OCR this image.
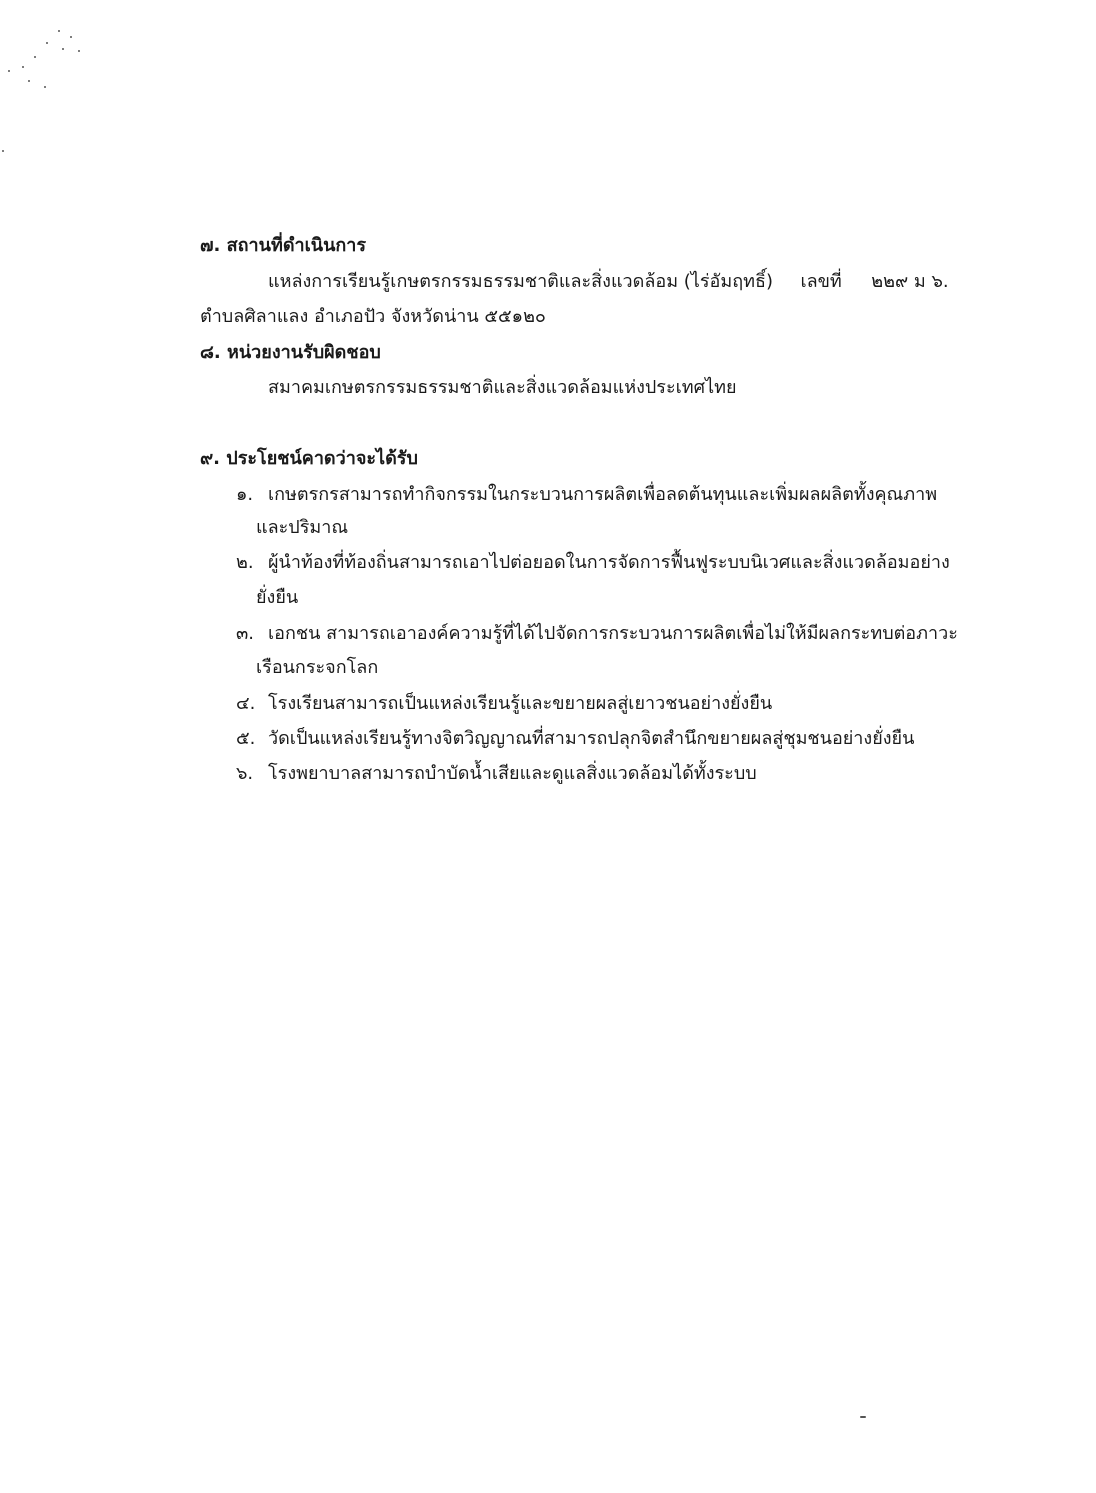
๗. สถานที่ดำเนินการ
แหล่งการเรียนรู้เกษตรกรรมธรรมชาติและสิ่งแวดล้อม (ไร่อัมฤทธิ์) เลขที่ ๒๒๙ ม ๖.
ตำบลศิลาแลง อำเภอปัว จังหวัดน่าน ๕๕๑๒๐
๘. หน่วยงานรับผิดชอบ
สมาคมเกษตรกรรมธรรมชาติและสิ่งแวดล้อมแห่งประเทศไทย
๙. ประโยชน์คาดว่าจะได้รับ
๑. เกษตรกรสามารถทำกิจกรรมในกระบวนการผลิตเพื่อลดต้นทุนและเพิ่มผลผลิตทั้งคุณภาพ
และปริมาณ
๒. ผู้นำท้องที่ท้องถิ่นสามารถเอาไปต่อยอดในการจัดการฟื้นฟูระบบนิเวศและสิ่งแวดล้อมอย่าง
ยั่งยืน
๓. เอกชน สามารถเอาองค์ความรู้ที่ได้ไปจัดการกระบวนการผลิตเพื่อไม่ให้มีผลกระทบต่อภาวะ
เรือนกระจกโลก
๔. โรงเรียนสามารถเป็นแหล่งเรียนรู้และขยายผลสู่เยาวชนอย่างยั่งยืน
๕. วัดเป็นแหล่งเรียนรู้ทางจิตวิญญาณที่สามารถปลุกจิตสำนึกขยายผลสู่ชุมชนอย่างยั่งยืน
๖. โรงพยาบาลสามารถบำบัดน้ำเสียและดูแลสิ่งแวดล้อมได้ทั้งระบบ
